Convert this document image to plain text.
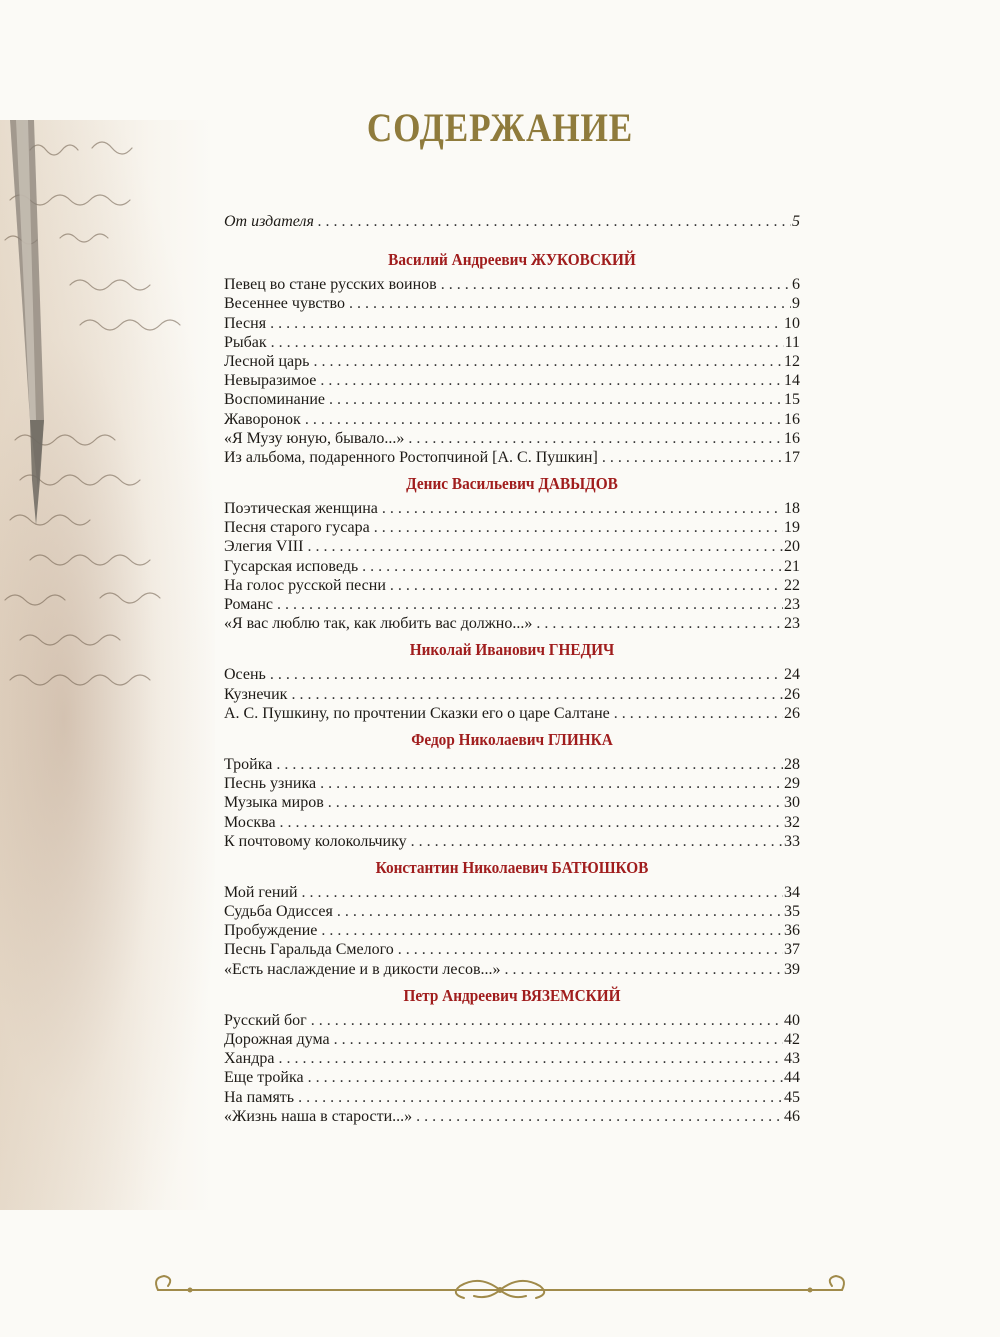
СОДЕРЖАНИЕ
От издателя . . .	5
Василий Андреевич ЖУКОВСКИЙ
Певец во стане русских воинов . . .	6
Весеннее чувство . . .	9
Песня . . .	10
Рыбак . . .	11
Лесной царь . . .	12
Невыразимое . . .	14
Воспоминание . . .	15
Жаворонок . . .	16
«Я Музу юную, бывало...» . . .	16
Из альбома, подаренного Ростопчиной [А. С. Пушкин] . . .	17
Денис Васильевич ДАВЫДОВ
Поэтическая женщина . . .	18
Песня старого гусара . . .	19
Элегия VIII . . .	20
Гусарская исповедь . . .	21
На голос русской песни . . .	22
Романс . . .	23
«Я вас люблю так, как любить вас должно...» . . .	23
Николай Иванович ГНЕДИЧ
Осень . . .	24
Кузнечик . . .	26
А. С. Пушкину, по прочтении Сказки его о царе Салтане . . .	26
Федор Николаевич ГЛИНКА
Тройка . . .	28
Песнь узника . . .	29
Музыка миров . . .	30
Москва . . .	32
К почтовому колокольчику . . .	33
Константин Николаевич БАТЮШКОВ
Мой гений . . .	34
Судьба Одиссея . . .	35
Пробуждение . . .	36
Песнь Гаральда Смелого . . .	37
«Есть наслаждение и в дикости лесов...» . . .	39
Петр Андреевич ВЯЗЕМСКИЙ
Русский бог . . .	40
Дорожная дума . . .	42
Хандра . . .	43
Еще тройка . . .	44
На память . . .	45
«Жизнь наша в старости...» . . .	46
